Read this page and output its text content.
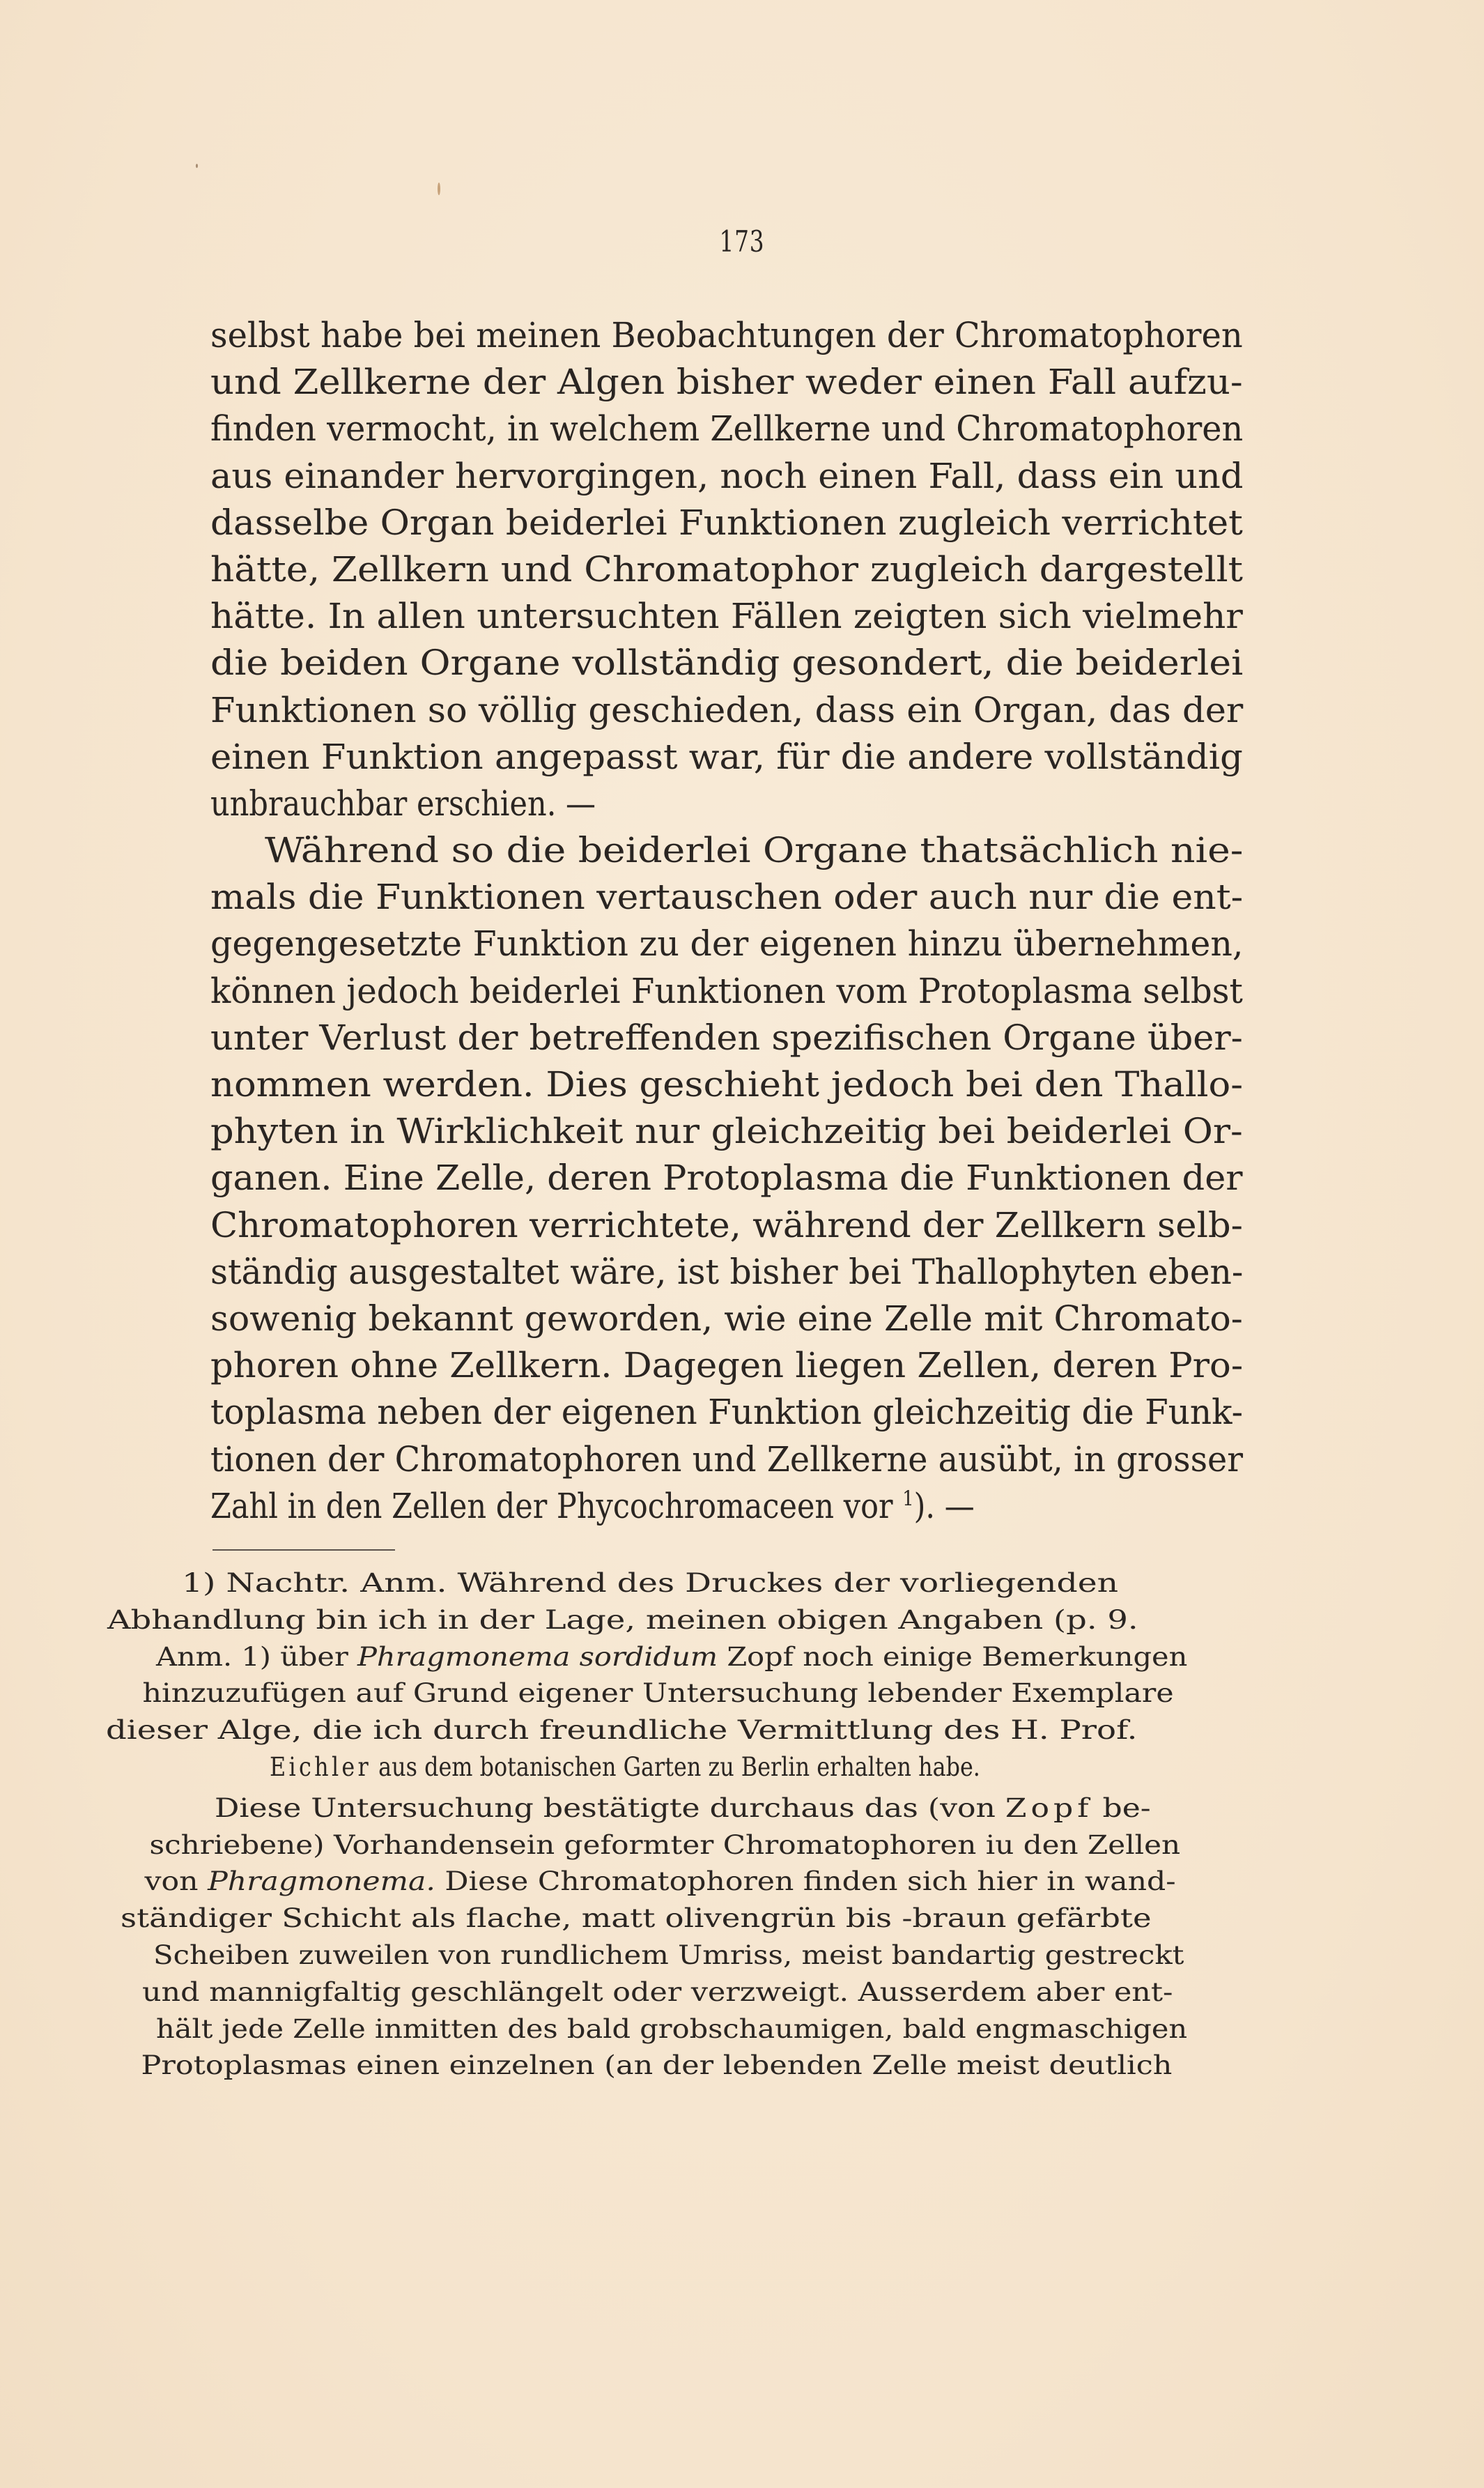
173
selbst habe bei meinen Beobachtungen der Chromatophoren
und Zellkerne der Algen bisher weder einen Fall aufzu-
finden vermocht, in welchem Zellkerne und Chromatophoren
aus einander hervorgingen, noch einen Fall, dass ein und
dasselbe Organ beiderlei Funktionen zugleich verrichtet
hätte, Zellkern und Chromatophor zugleich dargestellt
hätte. In allen untersuchten Fällen zeigten sich vielmehr
die beiden Organe vollständig gesondert, die beiderlei
Funktionen so völlig geschieden, dass ein Organ, das der
einen Funktion angepasst war, für die andere vollständig
unbrauchbar erschien. —
Während so die beiderlei Organe thatsächlich nie-
mals die Funktionen vertauschen oder auch nur die ent-
gegengesetzte Funktion zu der eigenen hinzu übernehmen,
können jedoch beiderlei Funktionen vom Protoplasma selbst
unter Verlust der betreffenden spezifischen Organe über-
nommen werden. Dies geschieht jedoch bei den Thallo-
phyten in Wirklichkeit nur gleichzeitig bei beiderlei Or-
ganen. Eine Zelle, deren Protoplasma die Funktionen der
Chromatophoren verrichtete, während der Zellkern selb-
ständig ausgestaltet wäre, ist bisher bei Thallophyten eben-
sowenig bekannt geworden, wie eine Zelle mit Chromato-
phoren ohne Zellkern. Dagegen liegen Zellen, deren Pro-
toplasma neben der eigenen Funktion gleichzeitig die Funk-
tionen der Chromatophoren und Zellkerne ausübt, in grosser
Zahl in den Zellen der Phycochromaceen vor $^1$). —
1) Nachtr. Anm. Während des Druckes der vorliegenden
Abhandlung bin ich in der Lage, meinen obigen Angaben (p. 9.
Anm. 1) über Phragmonema sordidum Zopf noch einige Bemerkungen
hinzuzufügen auf Grund eigener Untersuchung lebender Exemplare
dieser Alge, die ich durch freundliche Vermittlung des H. Prof.
Eichler aus dem botanischen Garten zu Berlin erhalten habe.
Diese Untersuchung bestätigte durchaus das (von Zopf be-
schriebene) Vorhandensein geformter Chromatophoren iu den Zellen
von Phragmonema. Diese Chromatophoren finden sich hier in wand-
ständiger Schicht als flache, matt olivengrün bis -braun gefärbte
Scheiben zuweilen von rundlichem Umriss, meist bandartig gestreckt
und mannigfaltig geschlängelt oder verzweigt. Ausserdem aber ent-
hält jede Zelle inmitten des bald grobschaumigen, bald engmaschigen
Protoplasmas einen einzelnen (an der lebenden Zelle meist deutlich
